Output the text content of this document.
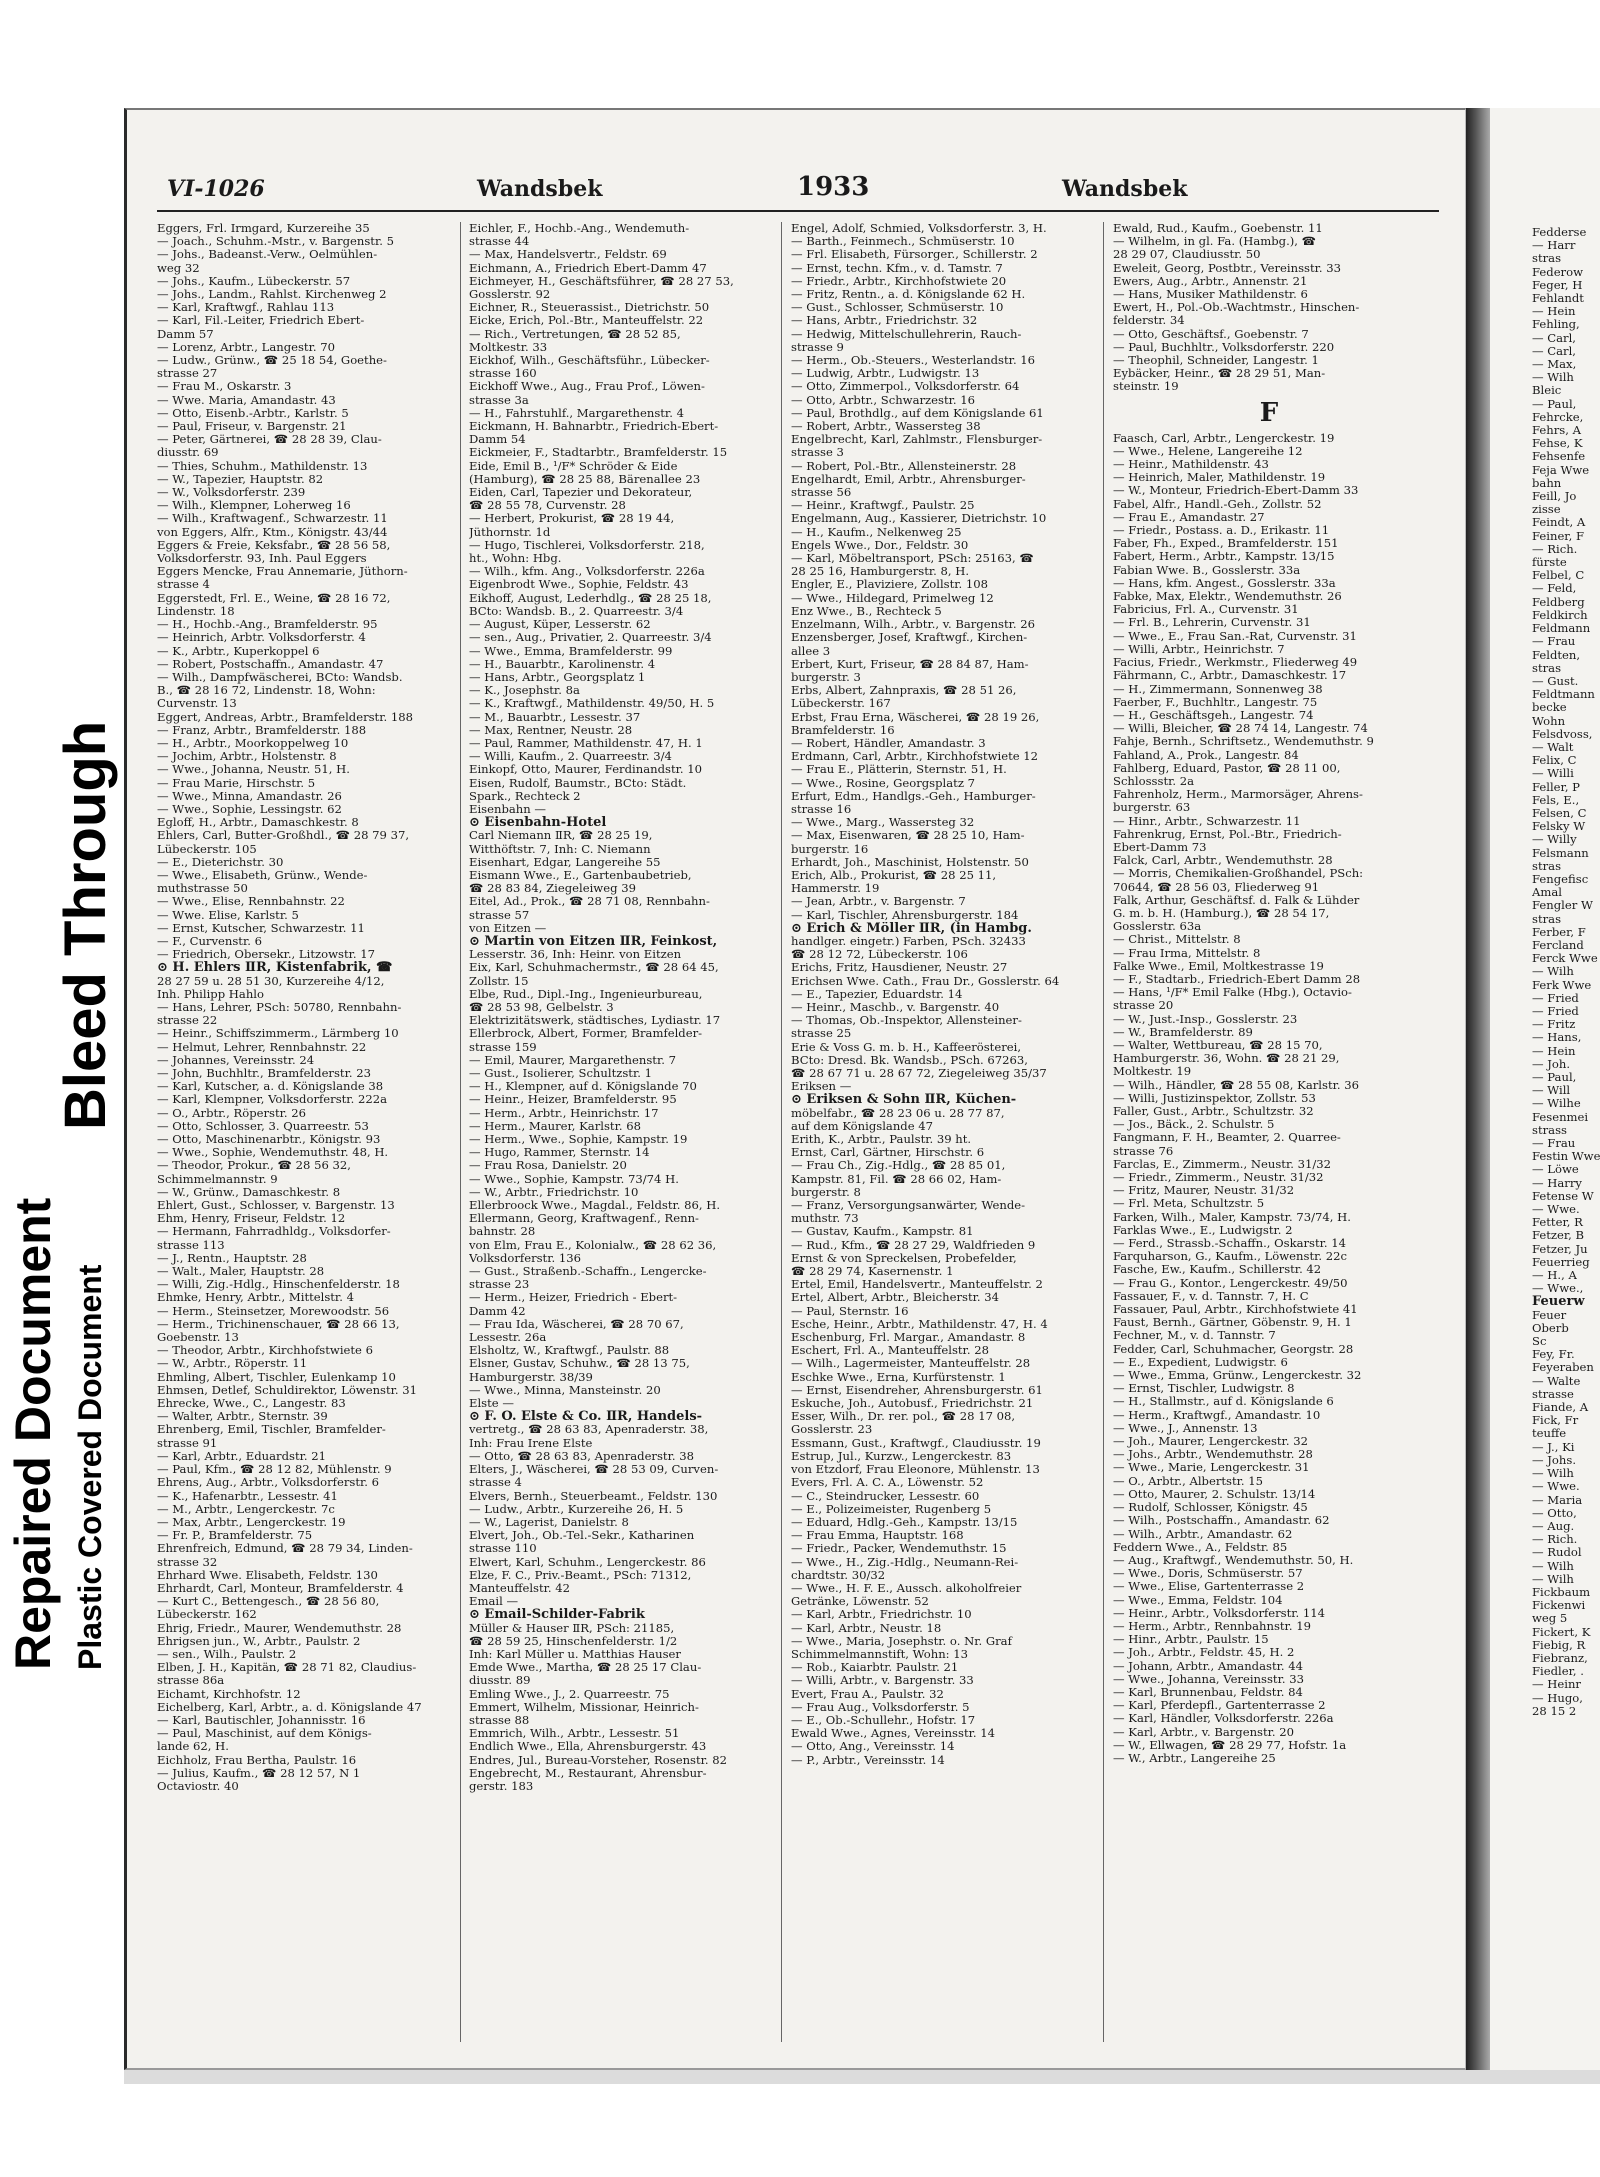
Bleed Through
Repaired Document Plastic Covered Document
VI-1026	Wandsbek	1933	Wandsbek
Eggers, Frl. Irmgard, Kurzereihe 35
— Joach., Schuhm.-Mstr., v. Bargenstr. 5
— Johs., Badeanst.-Verw., Oelmühlen-
weg 32
— Johs., Kaufm., Lübeckerstr. 57
— Johs., Landm., Rahlst. Kirchenweg 2
— Karl, Kraftwgf., Rahlau 113
— Karl, Fil.-Leiter, Friedrich Ebert-
Damm 57
— Lorenz, Arbtr., Langestr. 70
— Ludw., Grünw., ☎ 25 18 54, Goethe-
strasse 27
— Frau M., Oskarstr. 3
— Wwe. Maria, Amandastr. 43
— Otto, Eisenb.-Arbtr., Karlstr. 5
— Paul, Friseur, v. Bargenstr. 21
— Peter, Gärtnerei, ☎ 28 28 39, Clau-
diusstr. 69
— Thies, Schuhm., Mathildenstr. 13
— W., Tapezier, Hauptstr. 82
— W., Volksdorferstr. 239
— Wilh., Klempner, Loherweg 16
— Wilh., Kraftwagenf., Schwarzestr. 11
von Eggers, Alfr., Ktm., Königstr. 43/44
Eggers & Freie, Keksfabr., ☎ 28 56 58,
Volksdorferstr. 93, Inh. Paul Eggers
Eggers Mencke, Frau Annemarie, Jüthorn-
strasse 4
Eggerstedt, Frl. E., Weine, ☎ 28 16 72,
Lindenstr. 18
— H., Hochb.-Ang., Bramfelderstr. 95
— Heinrich, Arbtr. Volksdorferstr. 4
— K., Arbtr., Kuperkoppel 6
— Robert, Postschaffn., Amandastr. 47
— Wilh., Dampfwäscherei, BCto: Wandsb.
B., ☎ 28 16 72, Lindenstr. 18, Wohn:
Curvenstr. 13
Eggert, Andreas, Arbtr., Bramfelderstr. 188
— Franz, Arbtr., Bramfelderstr. 188
— H., Arbtr., Moorkoppelweg 10
— Jochim, Arbtr., Holstenstr. 8
— Wwe., Johanna, Neustr. 51, H.
— Frau Marie, Hirschstr. 5
— Wwe., Minna, Amandastr. 26
— Wwe., Sophie, Lessingstr. 62
Egloff, H., Arbtr., Damaschkestr. 8
Ehlers, Carl, Butter-Großhdl., ☎ 28 79 37,
Lübeckerstr. 105
— E., Dieterichstr. 30
— Wwe., Elisabeth, Grünw., Wende-
muthstrasse 50
— Wwe., Elise, Rennbahnstr. 22
— Wwe. Elise, Karlstr. 5
— Ernst, Kutscher, Schwarzestr. 11
— F., Curvenstr. 6
— Friedrich, Obersekr., Litzowstr. 17
⊙ H. Ehlers ⅡR, Kistenfabrik, ☎
28 27 59 u. 28 51 30, Kurzereihe 4/12,
Inh. Philipp Hahlo
— Hans, Lehrer, PSch: 50780, Rennbahn-
strasse 22
— Heinr., Schiffszimmerm., Lärmberg 10
— Helmut, Lehrer, Rennbahnstr. 22
— Johannes, Vereinsstr. 24
— John, Buchhltr., Bramfelderstr. 23
— Karl, Kutscher, a. d. Königslande 38
— Karl, Klempner, Volksdorferstr. 222a
— O., Arbtr., Röperstr. 26
— Otto, Schlosser, 3. Quarreestr. 53
— Otto, Maschinenarbtr., Königstr. 93
— Wwe., Sophie, Wendemuthstr. 48, H.
— Theodor, Prokur., ☎ 28 56 32,
Schimmelmannstr. 9
— W., Grünw., Damaschkestr. 8
Ehlert, Gust., Schlosser, v. Bargenstr. 13
Ehm, Henry, Friseur, Feldstr. 12
— Hermann, Fahrradhldg., Volksdorfer-
strasse 113
— J., Rentn., Hauptstr. 28
— Walt., Maler, Hauptstr. 28
— Willi, Zig.-Hdlg., Hinschenfelderstr. 18
Ehmke, Henry, Arbtr., Mittelstr. 4
— Herm., Steinsetzer, Morewoodstr. 56
— Herm., Trichinenschauer, ☎ 28 66 13,
Goebenstr. 13
— Theodor, Arbtr., Kirchhofstwiete 6
— W., Arbtr., Röperstr. 11
Ehmling, Albert, Tischler, Eulenkamp 10
Ehmsen, Detlef, Schuldirektor, Löwenstr. 31
Ehrecke, Wwe., C., Langestr. 83
— Walter, Arbtr., Sternstr. 39
Ehrenberg, Emil, Tischler, Bramfelder-
strasse 91
— Karl, Arbtr., Eduardstr. 21
— Paul, Kfm., ☎ 28 12 82, Mühlenstr. 9
Ehrens, Aug., Arbtr., Volksdorferstr. 6
— K., Hafenarbtr., Lessestr. 41
— M., Arbtr., Lengerckestr. 7c
— Max, Arbtr., Lengerckestr. 19
— Fr. P., Bramfelderstr. 75
Ehrenfreich, Edmund, ☎ 28 79 34, Linden-
strasse 32
Ehrhard Wwe. Elisabeth, Feldstr. 130
Ehrhardt, Carl, Monteur, Bramfelderstr. 4
— Kurt C., Bettengesch., ☎ 28 56 80,
Lübeckerstr. 162
Ehrig, Friedr., Maurer, Wendemuthstr. 28
Ehrigsen jun., W., Arbtr., Paulstr. 2
— sen., Wilh., Paulstr. 2
Elben, J. H., Kapitän, ☎ 28 71 82, Claudius-
strasse 86a
Eichamt, Kirchhofstr. 12
Eichelberg, Karl, Arbtr., a. d. Königslande 47
— Karl, Bautischler, Johannisstr. 16
— Paul, Maschinist, auf dem Königs-
lande 62, H.
Eichholz, Frau Bertha, Paulstr. 16
— Julius, Kaufm., ☎ 28 12 57, N 1
Octaviostr. 40
Eichler, F., Hochb.-Ang., Wendemuth-
strasse 44
— Max, Handelsvertr., Feldstr. 69
Eichmann, A., Friedrich Ebert-Damm 47
Eichmeyer, H., Geschäftsführer, ☎ 28 27 53,
Gosslerstr. 92
Eichner, R., Steuerassist., Dietrichstr. 50
Eicke, Erich, Pol.-Btr., Manteuffelstr. 22
— Rich., Vertretungen, ☎ 28 52 85,
Moltkestr. 33
Eickhof, Wilh., Geschäftsführ., Lübecker-
strasse 160
Eickhoff Wwe., Aug., Frau Prof., Löwen-
strasse 3a
— H., Fahrstuhlf., Margarethenstr. 4
Eickmann, H. Bahnarbtr., Friedrich-Ebert-
Damm 54
Eickmeier, F., Stadtarbtr., Bramfelderstr. 15
Eide, Emil B., ¹/F* Schröder & Eide
(Hamburg), ☎ 28 25 88, Bärenallee 23
Eiden, Carl, Tapezier und Dekorateur,
☎ 28 55 78, Curvenstr. 28
— Herbert, Prokurist, ☎ 28 19 44,
Jüthornstr. 1d
— Hugo, Tischlerei, Volksdorferstr. 218,
ht., Wohn: Hbg.
— Wilh., kfm. Ang., Volksdorferstr. 226a
Eigenbrodt Wwe., Sophie, Feldstr. 43
Eikhoff, August, Lederhdlg., ☎ 28 25 18,
BCto: Wandsb. B., 2. Quarreestr. 3/4
— August, Küper, Lesserstr. 62
— sen., Aug., Privatier, 2. Quarreestr. 3/4
— Wwe., Emma, Bramfelderstr. 99
— H., Bauarbtr., Karolinenstr. 4
— Hans, Arbtr., Georgsplatz 1
— K., Josephstr. 8a
— K., Kraftwgf., Mathildenstr. 49/50, H. 5
— M., Bauarbtr., Lessestr. 37
— Max, Rentner, Neustr. 28
— Paul, Rammer, Mathildenstr. 47, H. 1
— Willi, Kaufm., 2. Quarreestr. 3/4
Einkopf, Otto, Maurer, Ferdinandstr. 10
Eisen, Rudolf, Baumstr., BCto: Städt.
Spark., Rechteck 2
Eisenbahn —
⊙ Eisenbahn-Hotel
Carl Niemann ⅡR, ☎ 28 25 19,
Witthöftstr. 7, Inh: C. Niemann
Eisenhart, Edgar, Langereihe 55
Eismann Wwe., E., Gartenbaubetrieb,
☎ 28 83 84, Ziegeleiweg 39
Eitel, Ad., Prok., ☎ 28 71 08, Rennbahn-
strasse 57
von Eitzen —
⊙ Martin von Eitzen ⅡR, Feinkost,
Lesserstr. 36, Inh: Heinr. von Eitzen
Eix, Karl, Schuhmachermstr., ☎ 28 64 45,
Zollstr. 15
Elbe, Rud., Dipl.-Ing., Ingenieurbureau,
☎ 28 53 98, Gelbelstr. 3
Elektrizitätswerk, städtisches, Lydiastr. 17
Ellerbrock, Albert, Former, Bramfelder-
strasse 159
— Emil, Maurer, Margarethenstr. 7
— Gust., Isolierer, Schultzstr. 1
— H., Klempner, auf d. Königslande 70
— Heinr., Heizer, Bramfelderstr. 95
— Herm., Arbtr., Heinrichstr. 17
— Herm., Maurer, Karlstr. 68
— Herm., Wwe., Sophie, Kampstr. 19
— Hugo, Rammer, Sternstr. 14
— Frau Rosa, Danielstr. 20
— Wwe., Sophie, Kampstr. 73/74 H.
— W., Arbtr., Friedrichstr. 10
Ellerbroock Wwe., Magdal., Feldstr. 86, H.
Ellermann, Georg, Kraftwagenf., Renn-
bahnstr. 28
von Elm, Frau E., Kolonialw., ☎ 28 62 36,
Volksdorferstr. 136
— Gust., Straßenb.-Schaffn., Lengercke-
strasse 23
— Herm., Heizer, Friedrich - Ebert-
Damm 42
— Frau Ida, Wäscherei, ☎ 28 70 67,
Lessestr. 26a
Elsholtz, W., Kraftwgf., Paulstr. 88
Elsner, Gustav, Schuhw., ☎ 28 13 75,
Hamburgerstr. 38/39
— Wwe., Minna, Mansteinstr. 20
Elste —
⊙ F. O. Elste & Co. ⅡR, Handels-
vertretg., ☎ 28 63 83, Apenraderstr. 38,
Inh: Frau Irene Elste
— Otto, ☎ 28 63 83, Apenraderstr. 38
Elters, J., Wäscherei, ☎ 28 53 09, Curven-
strasse 4
Elvers, Bernh., Steuerbeamt., Feldstr. 130
— Ludw., Arbtr., Kurzereihe 26, H. 5
— W., Lagerist, Danielstr. 8
Elvert, Joh., Ob.-Tel.-Sekr., Katharinen
strasse 110
Elwert, Karl, Schuhm., Lengerckestr. 86
Elze, F. C., Priv.-Beamt., PSch: 71312,
Manteuffelstr. 42
Email —
⊙ Email-Schilder-Fabrik
Müller & Hauser ⅡR, PSch: 21185,
☎ 28 59 25, Hinschenfelderstr. 1/2
Inh: Karl Müller u. Matthias Hauser
Emde Wwe., Martha, ☎ 28 25 17 Clau-
diusstr. 89
Emling Wwe., J., 2. Quarreestr. 75
Emmert, Wilhelm, Missionar, Heinrich-
strasse 88
Emmrich, Wilh., Arbtr., Lessestr. 51
Endlich Wwe., Ella, Ahrensburgerstr. 43
Endres, Jul., Bureau-Vorsteher, Rosenstr. 82
Engebrecht, M., Restaurant, Ahrensbur-
gerstr. 183
Engel, Adolf, Schmied, Volksdorferstr. 3, H.
— Barth., Feinmech., Schmüserstr. 10
— Frl. Elisabeth, Fürsorger., Schillerstr. 2
— Ernst, techn. Kfm., v. d. Tamstr. 7
— Friedr., Arbtr., Kirchhofstwiete 20
— Fritz, Rentn., a. d. Königslande 62 H.
— Gust., Schlosser, Schmüserstr. 10
— Hans, Arbtr., Friedrichstr. 32
— Hedwig, Mittelschullehrerin, Rauch-
strasse 9
— Herm., Ob.-Steuers., Westerlandstr. 16
— Ludwig, Arbtr., Ludwigstr. 13
— Otto, Zimmerpol., Volksdorferstr. 64
— Otto, Arbtr., Schwarzestr. 16
— Paul, Brothdlg., auf dem Königslande 61
— Robert, Arbtr., Wassersteg 38
Engelbrecht, Karl, Zahlmstr., Flensburger-
strasse 3
— Robert, Pol.-Btr., Allensteinerstr. 28
Engelhardt, Emil, Arbtr., Ahrensburger-
strasse 56
— Heinr., Kraftwgf., Paulstr. 25
Engelmann, Aug., Kassierer, Dietrichstr. 10
— H., Kaufm., Nelkenweg 25
Engels Wwe., Dor., Feldstr. 30
— Karl, Möbeltransport, PSch: 25163, ☎
28 25 16, Hamburgerstr. 8, H.
Engler, E., Plaviziere, Zollstr. 108
— Wwe., Hildegard, Primelweg 12
Enz Wwe., B., Rechteck 5
Enzelmann, Wilh., Arbtr., v. Bargenstr. 26
Enzensberger, Josef, Kraftwgf., Kirchen-
allee 3
Erbert, Kurt, Friseur, ☎ 28 84 87, Ham-
burgerstr. 3
Erbs, Albert, Zahnpraxis, ☎ 28 51 26,
Lübeckerstr. 167
Erbst, Frau Erna, Wäscherei, ☎ 28 19 26,
Bramfelderstr. 16
— Robert, Händler, Amandastr. 3
Erdmann, Carl, Arbtr., Kirchhofstwiete 12
— Frau E., Plätterin, Sternstr. 51, H.
— Wwe., Rosine, Georgsplatz 7
Erfurt, Edm., Handlgs.-Geh., Hamburger-
strasse 16
— Wwe., Marg., Wassersteg 32
— Max, Eisenwaren, ☎ 28 25 10, Ham-
burgerstr. 16
Erhardt, Joh., Maschinist, Holstenstr. 50
Erich, Alb., Prokurist, ☎ 28 25 11,
Hammerstr. 19
— Jean, Arbtr., v. Bargenstr. 7
— Karl, Tischler, Ahrensburgerstr. 184
⊙ Erich & Möller ⅡR, (in Hambg.
handlger. eingetr.) Farben, PSch. 32433
☎ 28 12 72, Lübeckerstr. 106
Erichs, Fritz, Hausdiener, Neustr. 27
Erichsen Wwe. Cath., Frau Dr., Gosslerstr. 64
— E., Tapezier, Eduardstr. 14
— Heinr., Maschb., v. Bargenstr. 40
— Thomas, Ob.-Inspektor, Allensteiner-
strasse 25
Erie & Voss G. m. b. H., Kaffeerösterei,
BCto: Dresd. Bk. Wandsb., PSch. 67263,
☎ 28 67 71 u. 28 67 72, Ziegeleiweg 35/37
Eriksen —
⊙ Eriksen & Sohn ⅡR, Küchen-
möbelfabr., ☎ 28 23 06 u. 28 77 87,
auf dem Königslande 47
Erith, K., Arbtr., Paulstr. 39 ht.
Ernst, Carl, Gärtner, Hirschstr. 6
— Frau Ch., Zig.-Hdlg., ☎ 28 85 01,
Kampstr. 81, Fil. ☎ 28 66 02, Ham-
burgerstr. 8
— Franz, Versorgungsanwärter, Wende-
muthstr. 73
— Gustav, Kaufm., Kampstr. 81
— Rud., Kfm., ☎ 28 27 29, Waldfrieden 9
Ernst & von Spreckelsen, Probefelder,
☎ 28 29 74, Kasernenstr. 1
Ertel, Emil, Handelsvertr., Manteuffelstr. 2
Ertel, Albert, Arbtr., Bleicherstr. 34
— Paul, Sternstr. 16
Esche, Heinr., Arbtr., Mathildenstr. 47, H. 4
Eschenburg, Frl. Margar., Amandastr. 8
Eschert, Frl. A., Manteuffelstr. 28
— Wilh., Lagermeister, Manteuffelstr. 28
Eschke Wwe., Erna, Kurfürstenstr. 1
— Ernst, Eisendreher, Ahrensburgerstr. 61
Eskuche, Joh., Autobusf., Friedrichstr. 21
Esser, Wilh., Dr. rer. pol., ☎ 28 17 08,
Gosslerstr. 23
Essmann, Gust., Kraftwgf., Claudiusstr. 19
Estrup, Jul., Kurzw., Lengerckestr. 83
von Etzdorf, Frau Eleonore, Mühlenstr. 13
Evers, Frl. A. C. A., Löwenstr. 52
— C., Steindrucker, Lessestr. 60
— E., Polizeimeister, Rugenberg 5
— Eduard, Hdlg.-Geh., Kampstr. 13/15
— Frau Emma, Hauptstr. 168
— Friedr., Packer, Wendemuthstr. 15
— Wwe., H., Zig.-Hdlg., Neumann-Rei-
chardtstr. 30/32
— Wwe., H. F. E., Aussch. alkoholfreier
Getränke, Löwenstr. 52
— Karl, Arbtr., Friedrichstr. 10
— Karl, Arbtr., Neustr. 18
— Wwe., Maria, Josephstr. o. Nr. Graf
Schimmelmannstift, Wohn: 13
— Rob., Kaiarbtr. Paulstr. 21
— Willi, Arbtr., v. Bargenstr. 33
Evert, Frau A., Paulstr. 32
— Frau Aug., Volksdorferstr. 5
— E., Ob.-Schullehr., Hofstr. 17
Ewald Wwe., Agnes, Vereinsstr. 14
— Otto, Ang., Vereinsstr. 14
— P., Arbtr., Vereinsstr. 14
Ewald, Rud., Kaufm., Goebenstr. 11
— Wilhelm, in gl. Fa. (Hambg.), ☎
28 29 07, Claudiusstr. 50
Eweleit, Georg, Postbtr., Vereinsstr. 33
Ewers, Aug., Arbtr., Annenstr. 21
— Hans, Musiker Mathildenstr. 6
Ewert, H., Pol.-Ob.-Wachtmstr., Hinschen-
felderstr. 34
— Otto, Geschäftsf., Goebenstr. 7
— Paul, Buchhltr., Volksdorferstr. 220
— Theophil, Schneider, Langestr. 1
Eybäcker, Heinr., ☎ 28 29 51, Man-
steinstr. 19
F
Faasch, Carl, Arbtr., Lengerckestr. 19
— Wwe., Helene, Langereihe 12
— Heinr., Mathildenstr. 43
— Heinrich, Maler, Mathildenstr. 19
— W., Monteur, Friedrich-Ebert-Damm 33
Fabel, Alfr., Handl.-Geh., Zollstr. 52
— Frau E., Amandastr. 27
— Friedr., Postass. a. D., Erikastr. 11
Faber, Fh., Exped., Bramfelderstr. 151
Fabert, Herm., Arbtr., Kampstr. 13/15
Fabian Wwe. B., Gosslerstr. 33a
— Hans, kfm. Angest., Gosslerstr. 33a
Fabke, Max, Elektr., Wendemuthstr. 26
Fabricius, Frl. A., Curvenstr. 31
— Frl. B., Lehrerin, Curvenstr. 31
— Wwe., E., Frau San.-Rat, Curvenstr. 31
— Willi, Arbtr., Heinrichstr. 7
Facius, Friedr., Werkmstr., Fliederweg 49
Fährmann, C., Arbtr., Damaschkestr. 17
— H., Zimmermann, Sonnenweg 38
Faerber, F., Buchhltr., Langestr. 75
— H., Geschäftsgeh., Langestr. 74
— Willi, Bleicher, ☎ 28 74 14, Langestr. 74
Fahje, Bernh., Schriftsetz., Wendemuthstr. 9
Fahland, A., Prok., Langestr. 84
Fahlberg, Eduard, Pastor, ☎ 28 11 00,
Schlossstr. 2a
Fahrenholz, Herm., Marmorsäger, Ahrens-
burgerstr. 63
— Hinr., Arbtr., Schwarzestr. 11
Fahrenkrug, Ernst, Pol.-Btr., Friedrich-
Ebert-Damm 73
Falck, Carl, Arbtr., Wendemuthstr. 28
— Morris, Chemikalien-Großhandel, PSch:
70644, ☎ 28 56 03, Fliederweg 91
Falk, Arthur, Geschäftsf. d. Falk & Lühder
G. m. b. H. (Hamburg.), ☎ 28 54 17,
Gosslerstr. 63a
— Christ., Mittelstr. 8
— Frau Irma, Mittelstr. 8
Falke Wwe., Emil, Moltkestrasse 19
— F., Stadtarb., Friedrich-Ebert Damm 28
— Hans, ¹/F* Emil Falke (Hbg.), Octavio-
strasse 20
— W., Just.-Insp., Gosslerstr. 23
— W., Bramfelderstr. 89
— Walter, Wettbureau, ☎ 28 15 70,
Hamburgerstr. 36, Wohn. ☎ 28 21 29,
Moltkestr. 19
— Wilh., Händler, ☎ 28 55 08, Karlstr. 36
— Willi, Justizinspektor, Zollstr. 53
Faller, Gust., Arbtr., Schultzstr. 32
— Jos., Bäck., 2. Schulstr. 5
Fangmann, F. H., Beamter, 2. Quarree-
strasse 76
Farclas, E., Zimmerm., Neustr. 31/32
— Friedr., Zimmerm., Neustr. 31/32
— Fritz, Maurer, Neustr. 31/32
— Frl. Meta, Schultzstr. 5
Farken, Wilh., Maler, Kampstr. 73/74, H.
Farklas Wwe., E., Ludwigstr. 2
— Ferd., Strassb.-Schaffn., Oskarstr. 14
Farquharson, G., Kaufm., Löwenstr. 22c
Fasche, Ew., Kaufm., Schillerstr. 42
— Frau G., Kontor., Lengerckestr. 49/50
Fassauer, F., v. d. Tannstr. 7, H. C
Fassauer, Paul, Arbtr., Kirchhofstwiete 41
Faust, Bernh., Gärtner, Göbenstr. 9, H. 1
Fechner, M., v. d. Tannstr. 7
Fedder, Carl, Schuhmacher, Georgstr. 28
— E., Expedient, Ludwigstr. 6
— Wwe., Emma, Grünw., Lengerckestr. 32
— Ernst, Tischler, Ludwigstr. 8
— H., Stallmstr., auf d. Königslande 6
— Herm., Kraftwgf., Amandastr. 10
— Wwe., J., Annenstr. 13
— Joh., Maurer, Lengerckestr. 32
— Johs., Arbtr., Wendemuthstr. 28
— Wwe., Marie, Lengerckestr. 31
— O., Arbtr., Albertstr. 15
— Otto, Maurer, 2. Schulstr. 13/14
— Rudolf, Schlosser, Königstr. 45
— Wilh., Postschaffn., Amandastr. 62
— Wilh., Arbtr., Amandastr. 62
Feddern Wwe., A., Feldstr. 85
— Aug., Kraftwgf., Wendemuthstr. 50, H.
— Wwe., Doris, Schmüserstr. 57
— Wwe., Elise, Gartenterrasse 2
— Wwe., Emma, Feldstr. 104
— Heinr., Arbtr., Volksdorferstr. 114
— Herm., Arbtr., Rennbahnstr. 19
— Hinr., Arbtr., Paulstr. 15
— Joh., Arbtr., Feldstr. 45, H. 2
— Johann, Arbtr., Amandastr. 44
— Wwe., Johanna, Vereinsstr. 33
— Karl, Brunnenbau, Feldstr. 84
— Karl, Pferdepfl., Gartenterrasse 2
— Karl, Händler, Volksdorferstr. 226a
— Karl, Arbtr., v. Bargenstr. 20
— W., Ellwagen, ☎ 28 29 77, Hofstr. 1a
— W., Arbtr., Langereihe 25
Feddersе
— Harr
stras
Federow
Feger, H
Fehlandt
— Hein
Fehling,
— Carl,
— Carl,
— Max,
— Wilh
Bleic
— Paul,
Fehrcke,
Fehrs, A
Fehse, K
Fehsenfe
Feja Wwe
bahn
Feill, Jo
zisse
Feindt, A
Feiner, F
— Rich.
fürste
Felbel, C
— Feld,
Feldberg
Feldkirch
Feldmann
— Frau
Feldten,
stras
— Gust.
Feldtmann
becke
Wohn
Felsdvoss,
— Walt
Felix, C
— Willi
Feller, P
Fels, E.,
Felsen, C
Felsky W
— Willy
Felsmann
stras
Fengefisc
Amal
Fengler W
stras
Ferber, F
Fercland
Ferck Wwe
— Wilh
Ferk Wwe
— Fried
— Fried
— Fritz
— Hans,
— Hein
— Joh.
— Paul,
— Will
— Wilhe
Fesenmei
strass
— Frau
Festin Wwe
— Löwe
— Harry
Fetense W
— Wwe.
Fetter, R
Fetzer, B
Fetzer, Ju
Feuerrieg
— H., A
— Wwe.,
Feuerw
Feuer
Oberb
Sc
Fey, Fr.
Feyeraben
— Walte
strasse
Fiande, A
Fick, Fr
teuffe
— J., Ki
— Johs.
— Wilh
— Wwe.
— Maria
— Otto,
— Aug.
— Rich.
— Rudol
— Wilh
— Wilh
Fickbaum
Fickenwi
weg 5
Fickert, K
Fiebig, R
Fiebranz,
Fiedler, .
— Heinr
— Hugo,
28 15 2
